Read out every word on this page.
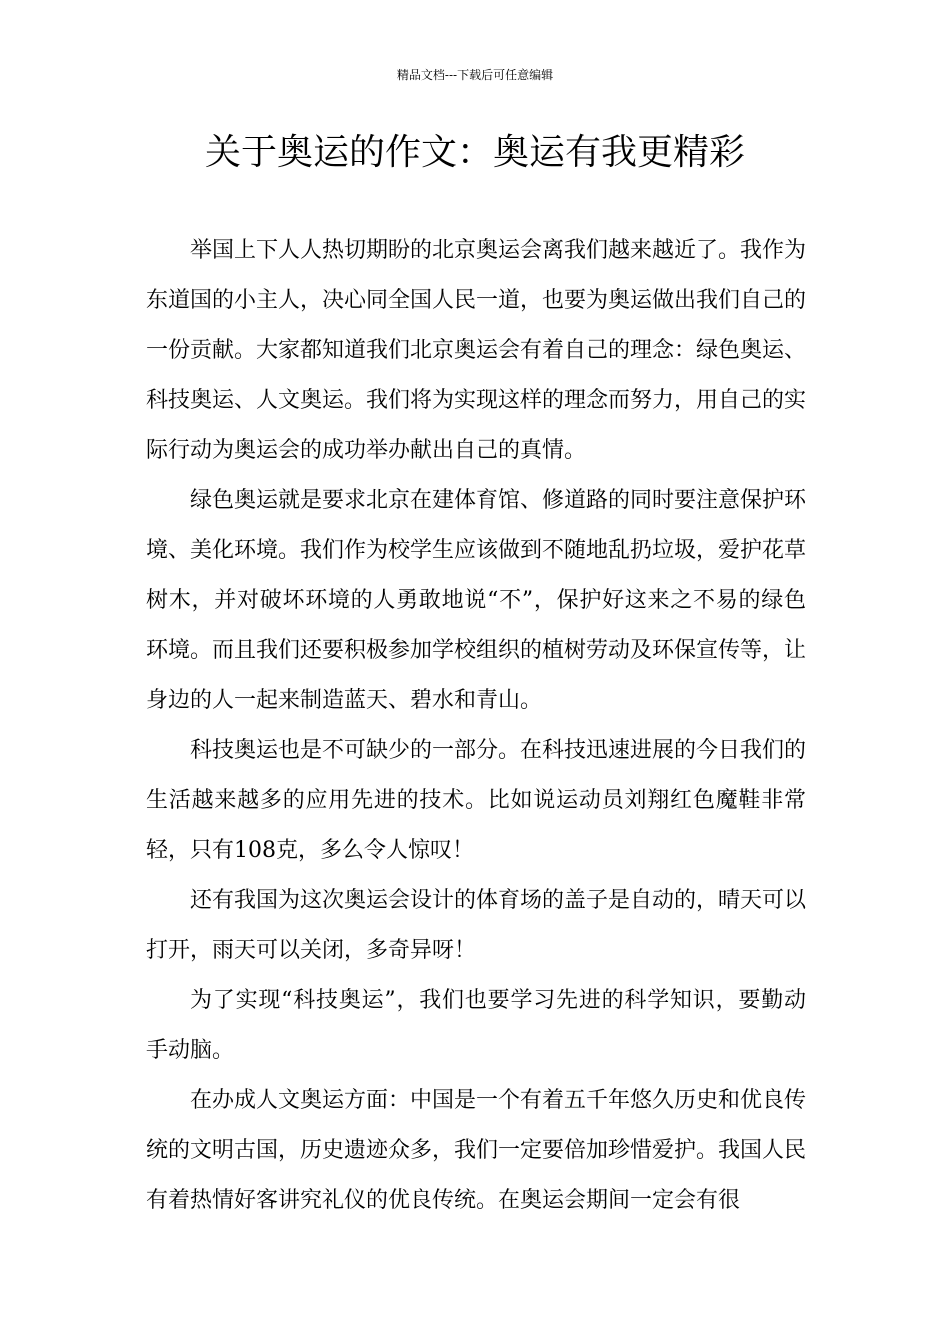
精品文档---下载后可任意编辑
关于奥运的作文：奥运有我更精彩

举国上下人人热切期盼的北京奥运会离我们越来越近了。我作为东道国的小主人，决心同全国人民一道，也要为奥运做出我们自己的一份贡献。大家都知道我们北京奥运会有着自己的理念：绿色奥运、科技奥运、人文奥运。我们将为实现这样的理念而努力，用自己的实际行动为奥运会的成功举办献出自己的真情。

绿色奥运就是要求北京在建体育馆、修道路的同时要注意保护环境、美化环境。我们作为校学生应该做到不随地乱扔垃圾，爱护花草树木，并对破坏环境的人勇敢地说“不”，保护好这来之不易的绿色环境。而且我们还要积极参加学校组织的植树劳动及环保宣传等，让身边的人一起来制造蓝天、碧水和青山。

科技奥运也是不可缺少的一部分。在科技迅速进展的今日我们的生活越来越多的应用先进的技术。比如说运动员刘翔红色魔鞋非常轻，只有108克，多么令人惊叹！

还有我国为这次奥运会设计的体育场的盖子是自动的，晴天可以打开，雨天可以关闭，多奇异呀！

为了实现“科技奥运”，我们也要学习先进的科学知识，要勤动手动脑。

在办成人文奥运方面：中国是一个有着五千年悠久历史和优良传统的文明古国，历史遗迹众多，我们一定要倍加珍惜爱护。我国人民有着热情好客讲究礼仪的优良传统。在奥运会期间一定会有很
